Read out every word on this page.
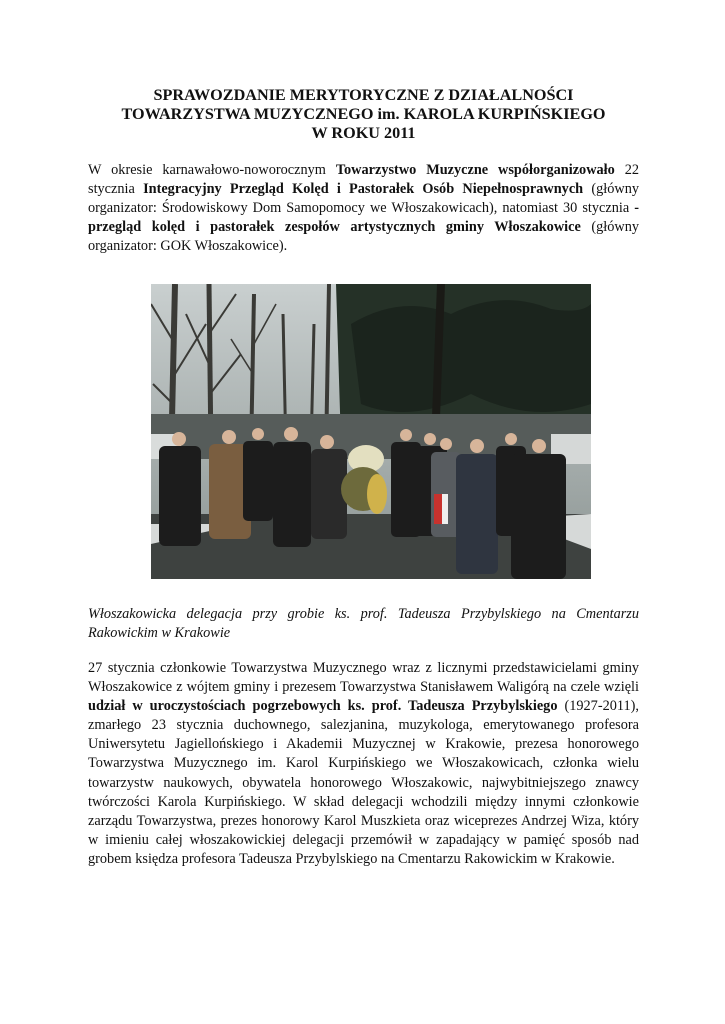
SPRAWOZDANIE MERYTORYCZNE Z DZIAŁALNOŚCI
TOWARZYSTWA MUZYCZNEGO im. KAROLA KURPIŃSKIEGO
W ROKU 2011

W okresie karnawałowo-noworocznym Towarzystwo Muzyczne współorganizowało 22 stycznia Integracyjny Przegląd Kolęd i Pastorałek Osób Niepełnosprawnych (główny organizator: Środowiskowy Dom Samopomocy we Włoszakowicach), natomiast 30 stycznia - przegląd kolęd i pastorałek zespołów artystycznych gminy Włoszakowice (główny organizator: GOK Włoszakowice).

Włoszakowicka delegacja przy grobie ks. prof. Tadeusza Przybylskiego na Cmentarzu Rakowickim w Krakowie

27 stycznia członkowie Towarzystwa Muzycznego wraz z licznymi przedstawicielami gminy Włoszakowice z wójtem gminy i prezesem Towarzystwa Stanisławem Waligórą na czele wzięli udział w uroczystościach pogrzebowych ks. prof. Tadeusza Przybylskiego (1927-2011), zmarłego 23 stycznia duchownego, salezjanina, muzykologa, emerytowanego profesora Uniwersytetu Jagiellońskiego i Akademii Muzycznej w Krakowie, prezesa honorowego Towarzystwa Muzycznego im. Karol Kurpińskiego we Włoszakowicach, członka wielu towarzystw naukowych, obywatela honorowego Włoszakowic, najwybitniejszego znawcy twórczości Karola Kurpińskiego. W skład delegacji wchodzili między innymi członkowie zarządu Towarzystwa, prezes honorowy Karol Muszkieta oraz wiceprezes Andrzej Wiza, który w imieniu całej włoszakowickiej delegacji przemówił w zapadający w pamięć sposób nad grobem księdza profesora Tadeusza Przybylskiego na Cmentarzu Rakowickim w Krakowie.
